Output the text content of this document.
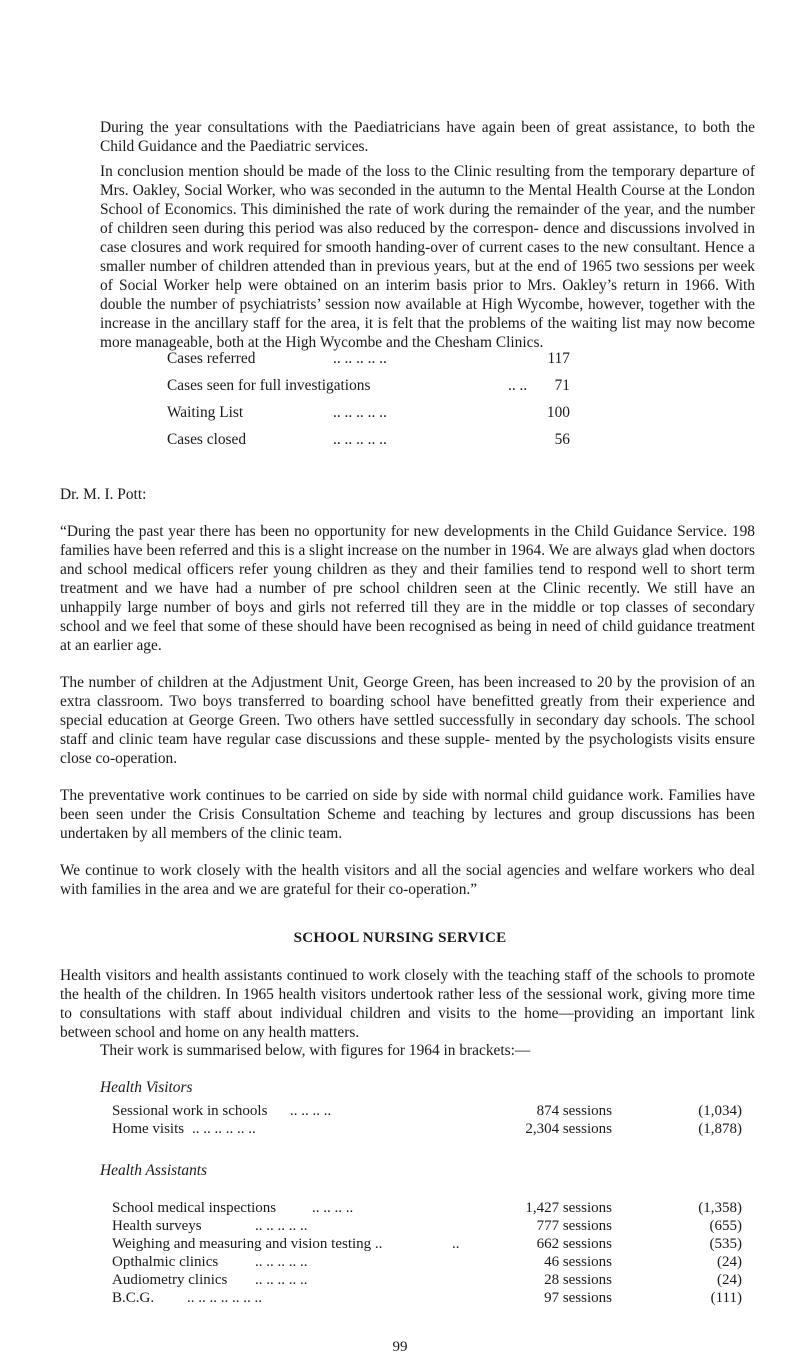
During the year consultations with the Paediatricians have again been of great assistance, to both the Child Guidance and the Paediatric services.

In conclusion mention should be made of the loss to the Clinic resulting from the temporary departure of Mrs. Oakley, Social Worker, who was seconded in the autumn to the Mental Health Course at the London School of Economics. This diminished the rate of work during the remainder of the year, and the number of children seen during this period was also reduced by the correspon- dence and discussions involved in case closures and work required for smooth handing-over of current cases to the new consultant. Hence a smaller number of children attended than in previous years, but at the end of 1965 two sessions per week of Social Worker help were obtained on an interim basis prior to Mrs. Oakley’s return in 1966. With double the number of psychiatrists’ session now available at High Wycombe, however, together with the increase in the ancillary staff for the area, it is felt that the problems of the waiting list may now become more manageable, both at the High Wycombe and the Chesham Clinics.

Cases referred	.. .. .. .. ..	117
Cases seen for full investigations	.. ..	71
Waiting List	.. .. .. .. ..	100
Cases closed	.. .. .. .. ..	56
Dr. M. I. Pott:

“During the past year there has been no opportunity for new developments in the Child Guidance Service. 198 families have been referred and this is a slight increase on the number in 1964. We are always glad when doctors and school medical officers refer young children as they and their families tend to respond well to short term treatment and we have had a number of pre school children seen at the Clinic recently. We still have an unhappily large number of boys and girls not referred till they are in the middle or top classes of secondary school and we feel that some of these should have been recognised as being in need of child guidance treatment at an earlier age.

The number of children at the Adjustment Unit, George Green, has been increased to 20 by the provision of an extra classroom. Two boys transferred to boarding school have benefitted greatly from their experience and special education at George Green. Two others have settled successfully in secondary day schools. The school staff and clinic team have regular case discussions and these supple- mented by the psychologists visits ensure close co-operation.

The preventative work continues to be carried on side by side with normal child guidance work. Families have been seen under the Crisis Consultation Scheme and teaching by lectures and group discussions has been undertaken by all members of the clinic team.

We continue to work closely with the health visitors and all the social agencies and welfare workers who deal with families in the area and we are grateful for their co-operation.”

SCHOOL NURSING SERVICE

Health visitors and health assistants continued to work closely with the teaching staff of the schools to promote the health of the children. In 1965 health visitors undertook rather less of the sessional work, giving more time to consultations with staff about individual children and visits to the home—providing an important link between school and home on any health matters.

Their work is summarised below, with figures for 1964 in brackets:—
Health Visitors
Sessional work in schools .. .. .. ..	874 sessions	(1,034)
Home visits .. .. .. .. .. ..	2,304 sessions	(1,878)
Health Assistants
School medical inspections .. .. .. ..	1,427 sessions	(1,358)
Health surveys	.. .. .. .. ..	777 sessions	(655)
Weighing and measuring and vision testing ..	..	662 sessions	(535)
Opthalmic clinics .. .. .. .. ..	46 sessions	(24)
Audiometry clinics .. .. .. .. ..	28 sessions	(24)
B.C.G. .. .. .. .. .. .. ..	97 sessions	(111)
99
